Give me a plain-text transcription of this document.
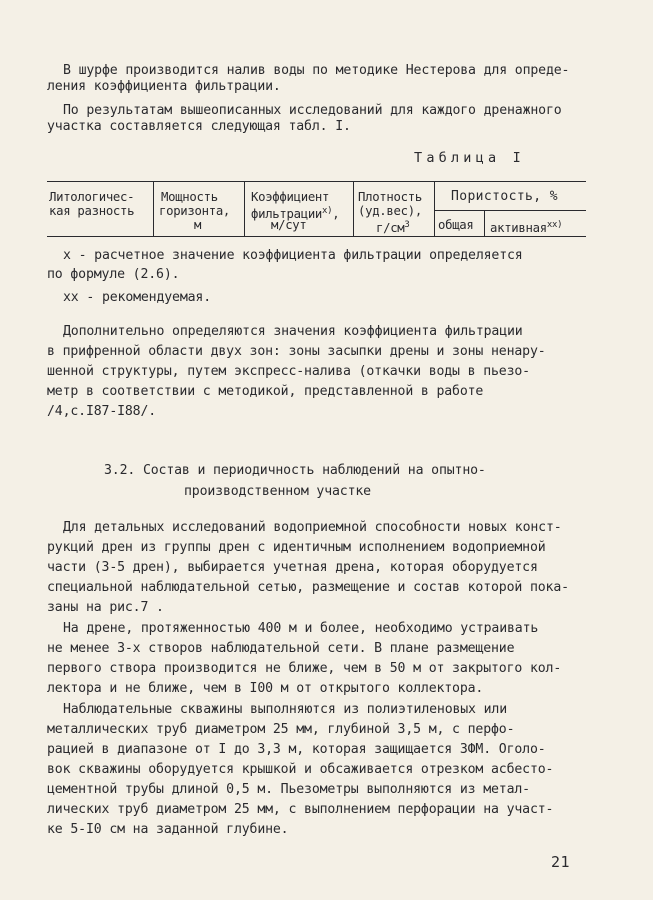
В шурфе производится налив воды по методике Нестерова для опреде-
ления коэффициента фильтрации.
По результатам вышеописанных исследований для каждого дренажного
участка составляется следующая табл. I.
Таблица I
Литологичес-
кая разность
Мощность
горизонта,
м
Коэффициент
фильтрации$^{х)}$,
м/сут
Плотность
(уд.вес),
$г/см^3$
Пористость, %
общая активная$^{хх)}$
х - расчетное значение коэффициента фильтрации определяется
по формуле (2.6).
хх - рекомендуемая.
Дополнительно определяются значения коэффициента фильтрации
в прифренной области двух зон: зоны засыпки дрены и зоны ненару-
шенной структуры, путем экспресс-налива (откачки воды в пьезо-
метр в соответствии с методикой, представленной в работе
/4,с.I87-I88/.
3.2. Состав и периодичность наблюдений на опытно-
производственном участке
Для детальных исследований водоприемной способности новых конст-
рукций дрен из группы дрен с идентичным исполнением водоприемной
части (3-5 дрен), выбирается учетная дрена, которая оборудуется
специальной наблюдательной сетью, размещение и состав которой пока-
заны на рис.7 .
На дрене, протяженностью 400 м и более, необходимо устраивать
не менее 3-х створов наблюдательной сети. В плане размещение
первого створа производится не ближе, чем в 50 м от закрытого кол-
лектора и не ближе, чем в I00 м от открытого коллектора.
Наблюдательные скважины выполняются из полиэтиленовых или
металлических труб диаметром 25 мм, глубиной 3,5 м, с перфо-
рацией в диапазоне от I до 3,3 м, которая защищается ЗФМ. Оголо-
вок скважины оборудуется крышкой и обсаживается отрезком асбесто-
цементной трубы длиной 0,5 м. Пьезометры выполняются из метал-
лических труб диаметром 25 мм, с выполнением перфорации на участ-
ке 5-I0 см на заданной глубине.
21
